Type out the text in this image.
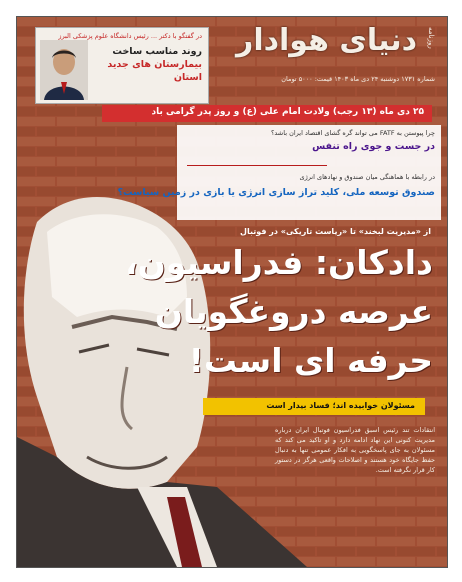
دنیای هوادار روزنامه
شماره ۱۷۳۱ دوشنبه ۲۴ دی ماه ۱۴۰۳ قیمت: ۵۰۰۰ تومان
در گفتگو با دکتر ... رئیس دانشگاه علوم پزشکی البرز
روند مناسب ساخت
بیمارستان های جدید استان
۲۵ دی ماه (۱۳ رجب) ولادت امام علی (ع) و روز پدر گرامی باد
چرا پیوستن به FATF می تواند گره گشای اقتصاد ایران باشد؟
در جست و جوی راه تنفس
در رابطه با هماهنگی میان صندوق و نهادهای انرژی
صندوق توسعه ملی، کلید تراز سازی انرژی یا بازی در زمین سیاست؟
از «مدیریت لبخند» تا «ریاست تاریکی» در فوتبال
دادکان: فدراسیون،
عرصه دروغگویان
حرفه ای است!
مسئولان خوابیده اند؛ فساد بیدار است
انتقادات تند رئیس اسبق فدراسیون فوتبال ایران درباره مدیریت کنونی این نهاد ادامه دارد و او تاکید می کند که مسئولان به جای پاسخگویی به افکار عمومی تنها به دنبال حفظ جایگاه خود هستند و اصلاحات واقعی هرگز در دستور کار قرار نگرفته است.
